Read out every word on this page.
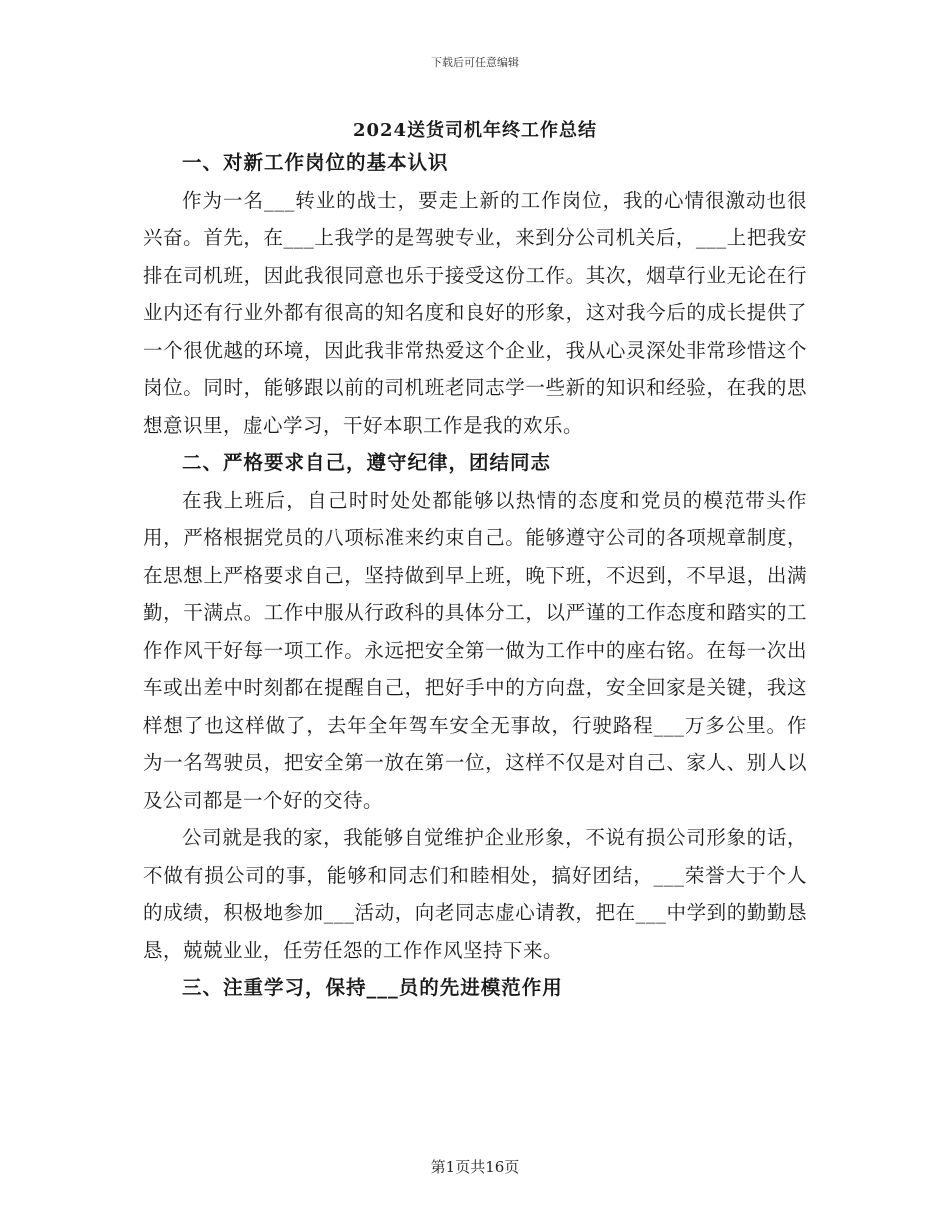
下载后可任意编辑
2024送货司机年终工作总结

一、对新工作岗位的基本认识

作为一名___转业的战士，要走上新的工作岗位，我的心情很激动也很兴奋。首先，在___上我学的是驾驶专业，来到分公司机关后，___上把我安排在司机班，因此我很同意也乐于接受这份工作。其次，烟草行业无论在行业内还有行业外都有很高的知名度和良好的形象，这对我今后的成长提供了一个很优越的环境，因此我非常热爱这个企业，我从心灵深处非常珍惜这个岗位。同时，能够跟以前的司机班老同志学一些新的知识和经验，在我的思想意识里，虚心学习，干好本职工作是我的欢乐。

二、严格要求自己，遵守纪律，团结同志

在我上班后，自己时时处处都能够以热情的态度和党员的模范带头作用，严格根据党员的八项标准来约束自己。能够遵守公司的各项规章制度，在思想上严格要求自己，坚持做到早上班，晚下班，不迟到，不早退，出满勤，干满点。工作中服从行政科的具体分工，以严谨的工作态度和踏实的工作作风干好每一项工作。永远把安全第一做为工作中的座右铭。在每一次出车或出差中时刻都在提醒自己，把好手中的方向盘，安全回家是关键，我这样想了也这样做了，去年全年驾车安全无事故，行驶路程___万多公里。作为一名驾驶员，把安全第一放在第一位，这样不仅是对自己、家人、别人以及公司都是一个好的交待。

公司就是我的家，我能够自觉维护企业形象，不说有损公司形象的话，不做有损公司的事，能够和同志们和睦相处，搞好团结，___荣誉大于个人的成绩，积极地参加___活动，向老同志虚心请教，把在___中学到的勤勤恳恳，兢兢业业，任劳任怨的工作作风坚持下来。

三、注重学习，保持___员的先进模范作用

第1页共16页
